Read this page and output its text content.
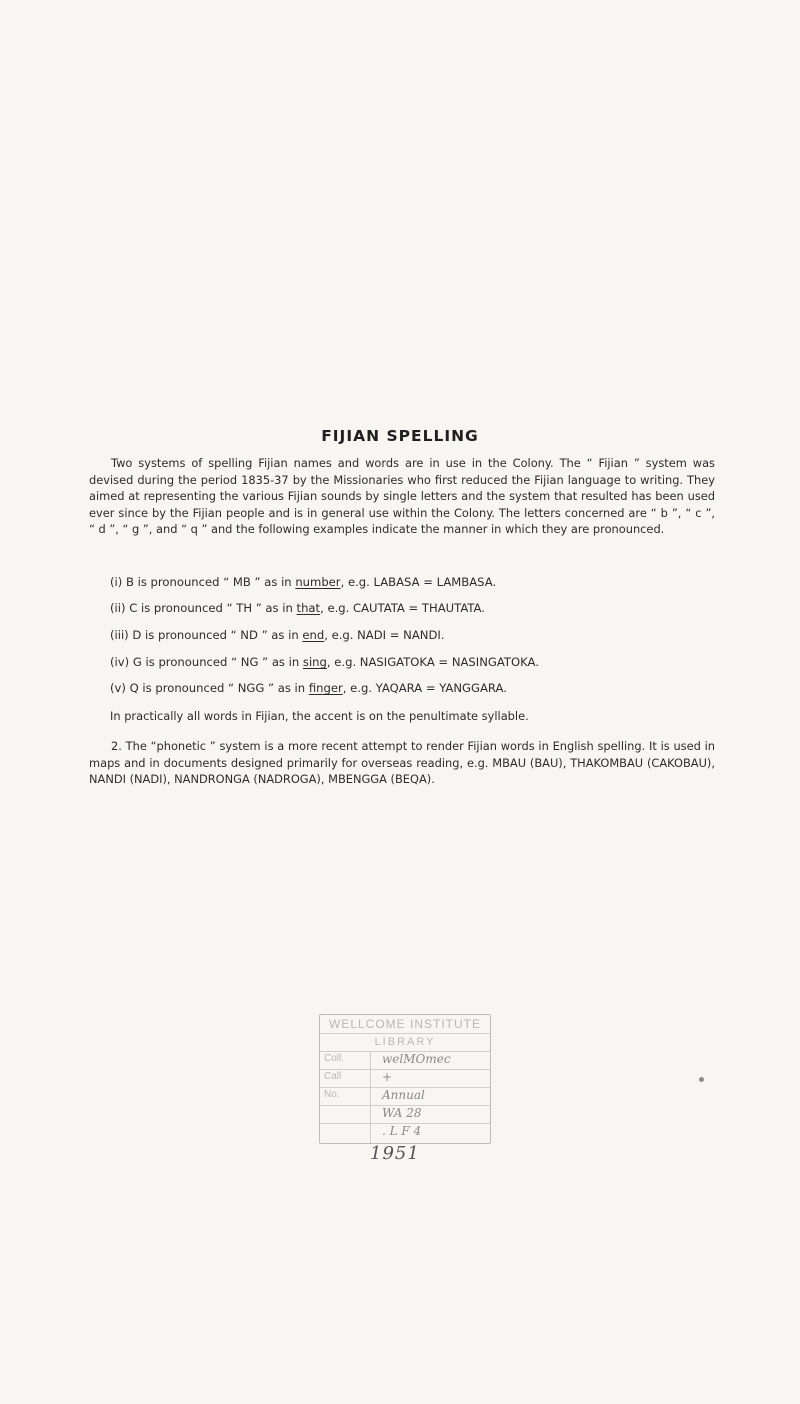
FIJIAN SPELLING
Two systems of spelling Fijian names and words are in use in the Colony. The “ Fijian ” system was devised during the period 1835-37 by the Missionaries who first reduced the Fijian language to writing. They aimed at representing the various Fijian sounds by single letters and the system that resulted has been used ever since by the Fijian people and is in general use within the Colony. The letters concerned are “ b ”, “ c ”, “ d ”, “ g ”, and “ q ” and the following examples indicate the manner in which they are pronounced.
(i) B is pronounced “ MB ” as in number, e.g. LABASA = LAMBASA.
(ii) C is pronounced “ TH ” as in that, e.g. CAUTATA = THAUTATA.
(iii) D is pronounced “ ND ” as in end, e.g. NADI = NANDI.
(iv) G is pronounced “ NG ” as in sing, e.g. NASIGATOKA = NASINGATOKA.
(v) Q is pronounced “ NGG ” as in finger, e.g. YAQARA = YANGGARA.
In practically all words in Fijian, the accent is on the penultimate syllable.
2. The “phonetic ” system is a more recent attempt to render Fijian words in English spelling. It is used in maps and in documents designed primarily for overseas reading, e.g. MBAU (BAU), THAKOMBAU (CAKOBAU), NANDI (NADI), NANDRONGA (NADROGA), MBENGGA (BEQA).
WELLCOME INSTITUTE
LIBRARY
Coll.	welMOmec
Call	+
No.	Annual
WA 28
. L F 4
1951
